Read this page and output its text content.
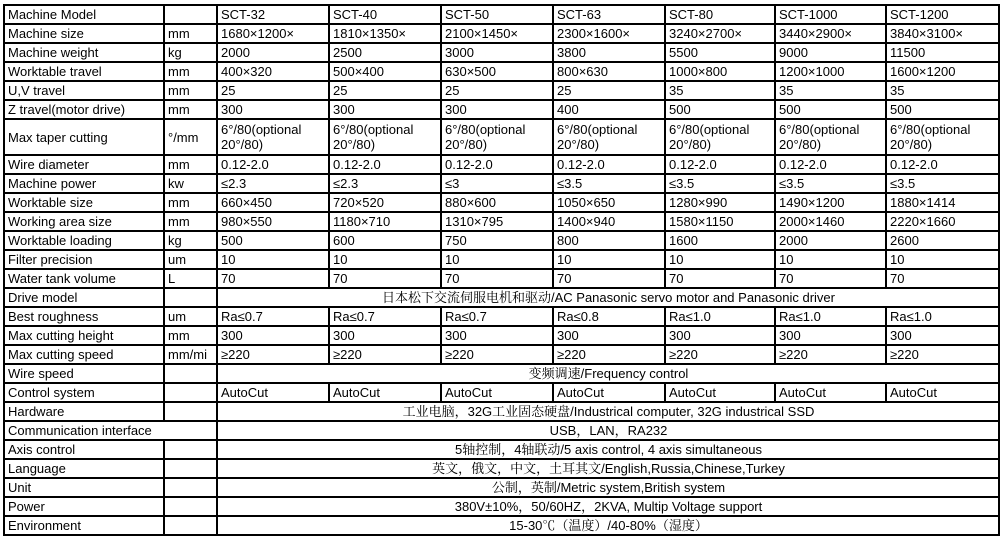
Machine Model		SCT-32	SCT-40	SCT-50	SCT-63	SCT-80	SCT-1000	SCT-1200
Machine size	mm	1680×1200×	1810×1350×	2100×1450×	2300×1600×	3240×2700×	3440×2900×	3840×3100×
Machine weight	kg	2000	2500	3000	3800	5500	9000	11500
Worktable travel	mm	400×320	500×400	630×500	800×630	1000×800	1200×1000	1600×1200
U,V travel	mm	25	25	25	25	35	35	35
Z travel(motor drive)	mm	300	300	300	400	500	500	500
Max taper cutting	°/mm	6°/80(optional 20°/80)	6°/80(optional 20°/80)	6°/80(optional 20°/80)	6°/80(optional 20°/80)	6°/80(optional 20°/80)	6°/80(optional 20°/80)	6°/80(optional 20°/80)
Wire diameter	mm	0.12-2.0	0.12-2.0	0.12-2.0	0.12-2.0	0.12-2.0	0.12-2.0	0.12-2.0
Machine power	kw	≤2.3	≤2.3	≤3	≤3.5	≤3.5	≤3.5	≤3.5
Worktable size	mm	660×450	720×520	880×600	1050×650	1280×990	1490×1200	1880×1414
Working area size	mm	980×550	1180×710	1310×795	1400×940	1580×1150	2000×1460	2220×1660
Worktable loading	kg	500	600	750	800	1600	2000	2600
Filter precision	um	10	10	10	10	10	10	10
Water tank volume	L	70	70	70	70	70	70	70
Drive model		日本松下交流伺服电机和驱动/AC Panasonic servo motor and Panasonic driver						
Best roughness	um	Ra≤0.7	Ra≤0.7	Ra≤0.7	Ra≤0.8	Ra≤1.0	Ra≤1.0	Ra≤1.0
Max cutting height	mm	300	300	300	300	300	300	300
Max cutting speed	mm/mi	≥220	≥220	≥220	≥220	≥220	≥220	≥220
Wire speed		变频调速/Frequency control						
Control system		AutoCut	AutoCut	AutoCut	AutoCut	AutoCut	AutoCut	AutoCut
Hardware		工业电脑，32G工业固态硬盘/Industrical computer, 32G industrical SSD						
Communication interface		USB，LAN，RA232						
Axis control		5轴控制，4轴联动/5 axis control, 4 axis simultaneous						
Language		英文，俄文，中文，土耳其文/English,Russia,Chinese,Turkey						
Unit		公制，英制/Metric system,British system						
Power		380V±10%，50/60HZ，2KVA, Multip Voltage support						
Environment		15-30℃（温度）/40-80%（湿度）						
